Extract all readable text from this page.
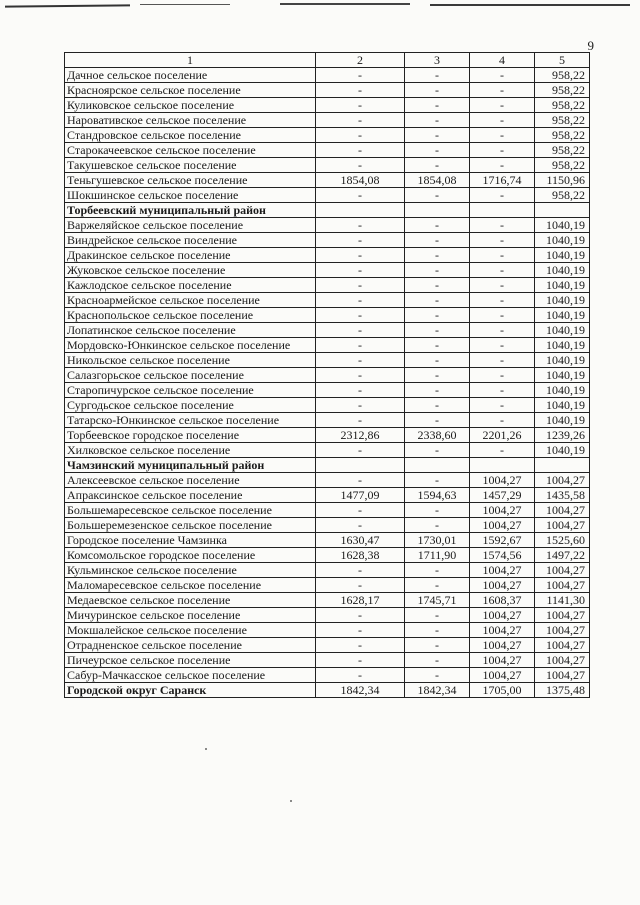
9
1	2	3	4	5
Дачное сельское поселение	-	-	-	958,22
Красноярское сельское поселение	-	-	-	958,22
Куликовское сельское поселение	-	-	-	958,22
Наровативское сельское поселение	-	-	-	958,22
Стандровское сельское поселение	-	-	-	958,22
Старокачеевское сельское поселение	-	-	-	958,22
Такушевское сельское поселение	-	-	-	958,22
Теньгушевское сельское поселение	1854,08	1854,08	1716,74	1150,96
Шокшинское сельское поселение	-	-	-	958,22
Торбеевский муниципальный район				
Варжеляйское сельское поселение	-	-	-	1040,19
Виндрейское сельское поселение	-	-	-	1040,19
Дракинское сельское поселение	-	-	-	1040,19
Жуковское сельское поселение	-	-	-	1040,19
Кажлодское сельское поселение	-	-	-	1040,19
Красноармейское сельское поселение	-	-	-	1040,19
Краснопольское сельское поселение	-	-	-	1040,19
Лопатинское сельское поселение	-	-	-	1040,19
Мордовско-Юнкинское сельское поселение	-	-	-	1040,19
Никольское сельское поселение	-	-	-	1040,19
Салазгорьское сельское поселение	-	-	-	1040,19
Старопичурское сельское поселение	-	-	-	1040,19
Сургодьское сельское поселение	-	-	-	1040,19
Татарско-Юнкинское сельское поселение	-	-	-	1040,19
Торбеевское городское поселение	2312,86	2338,60	2201,26	1239,26
Хилковское сельское поселение	-	-	-	1040,19
Чамзинский муниципальный район				
Алексеевское сельское поселение	-	-	1004,27	1004,27
Апраксинское сельское поселение	1477,09	1594,63	1457,29	1435,58
Большемаресевское сельское поселение	-	-	1004,27	1004,27
Большеремезенское сельское поселение	-	-	1004,27	1004,27
Городское поселение Чамзинка	1630,47	1730,01	1592,67	1525,60
Комсомольское городское поселение	1628,38	1711,90	1574,56	1497,22
Кульминское сельское поселение	-	-	1004,27	1004,27
Маломаресевское сельское поселение	-	-	1004,27	1004,27
Медаевское сельское поселение	1628,17	1745,71	1608,37	1141,30
Мичуринское сельское поселение	-	-	1004,27	1004,27
Мокшалейское сельское поселение	-	-	1004,27	1004,27
Отрадненское сельское поселение	-	-	1004,27	1004,27
Пичеурское сельское поселение	-	-	1004,27	1004,27
Сабур-Мачкасское сельское поселение	-	-	1004,27	1004,27
Городской округ Саранск	1842,34	1842,34	1705,00	1375,48
